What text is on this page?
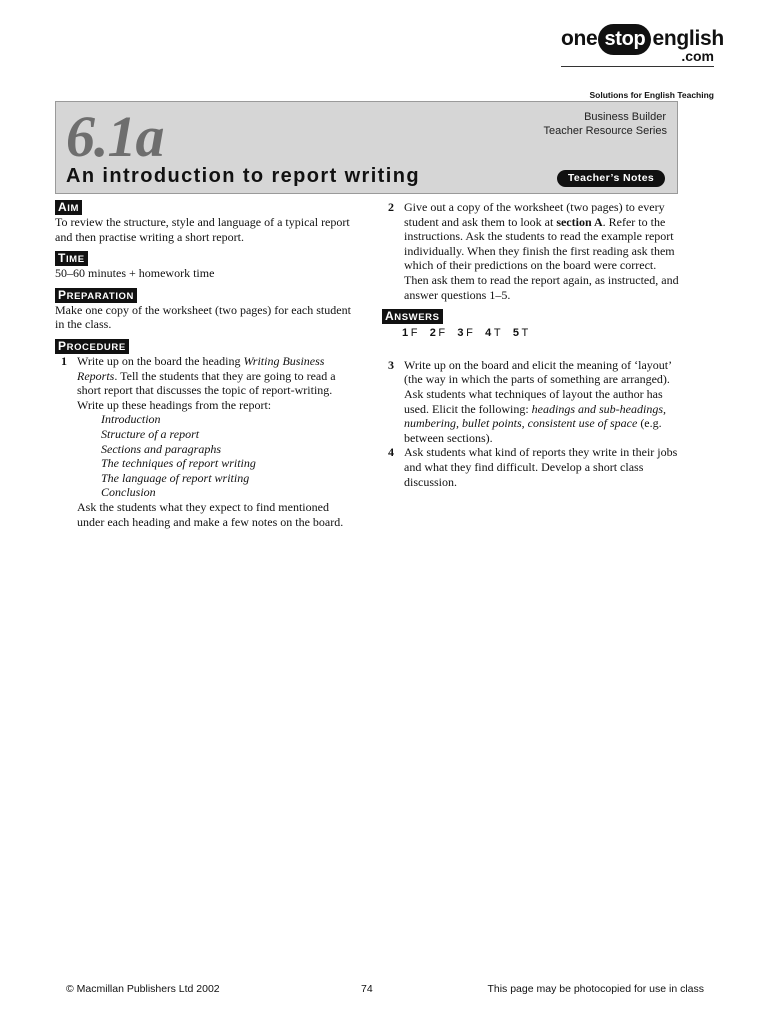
one stop english
.com
Solutions for English Teaching
6.1a	Business Builder
Teacher Resource Series
An introduction to report writing	Teacher’s Notes
AIM

To review the structure, style and language of a typical report and then practise writing a short report.

TIME

50–60 minutes + homework time

PREPARATION

Make one copy of the worksheet (two pages) for each student in the class.

PROCEDURE
1 Write up on the board the heading Writing Business Reports. Tell the students that they are going to read a short report that discusses the topic of report-writing. Write up these headings from the report:

Introduction
Structure of a report
Sections and paragraphs
The techniques of report writing
The language of report writing
Conclusion

Ask the students what they expect to find mentioned under each heading and make a few notes on the board.

2 Give out a copy of the worksheet (two pages) to every student and ask them to look at section A. Refer to the instructions. Ask the students to read the example report individually. When they finish the first reading ask them which of their predictions on the board were correct. Then ask them to read the report again, as instructed, and answer questions 1–5.

ANSWERS
1 F 2 F 3 F 4 T 5 T
3 Write up on the board and elicit the meaning of ‘layout’ (the way in which the parts of something are arranged). Ask students what techniques of layout the author has used. Elicit the following: headings and sub-headings, numbering, bullet points, consistent use of space (e.g. between sections).

4 Ask students what kind of reports they write in their jobs and what they find difficult. Develop a short class discussion.

© Macmillan Publishers Ltd 2002	74	This page may be photocopied for use in class
